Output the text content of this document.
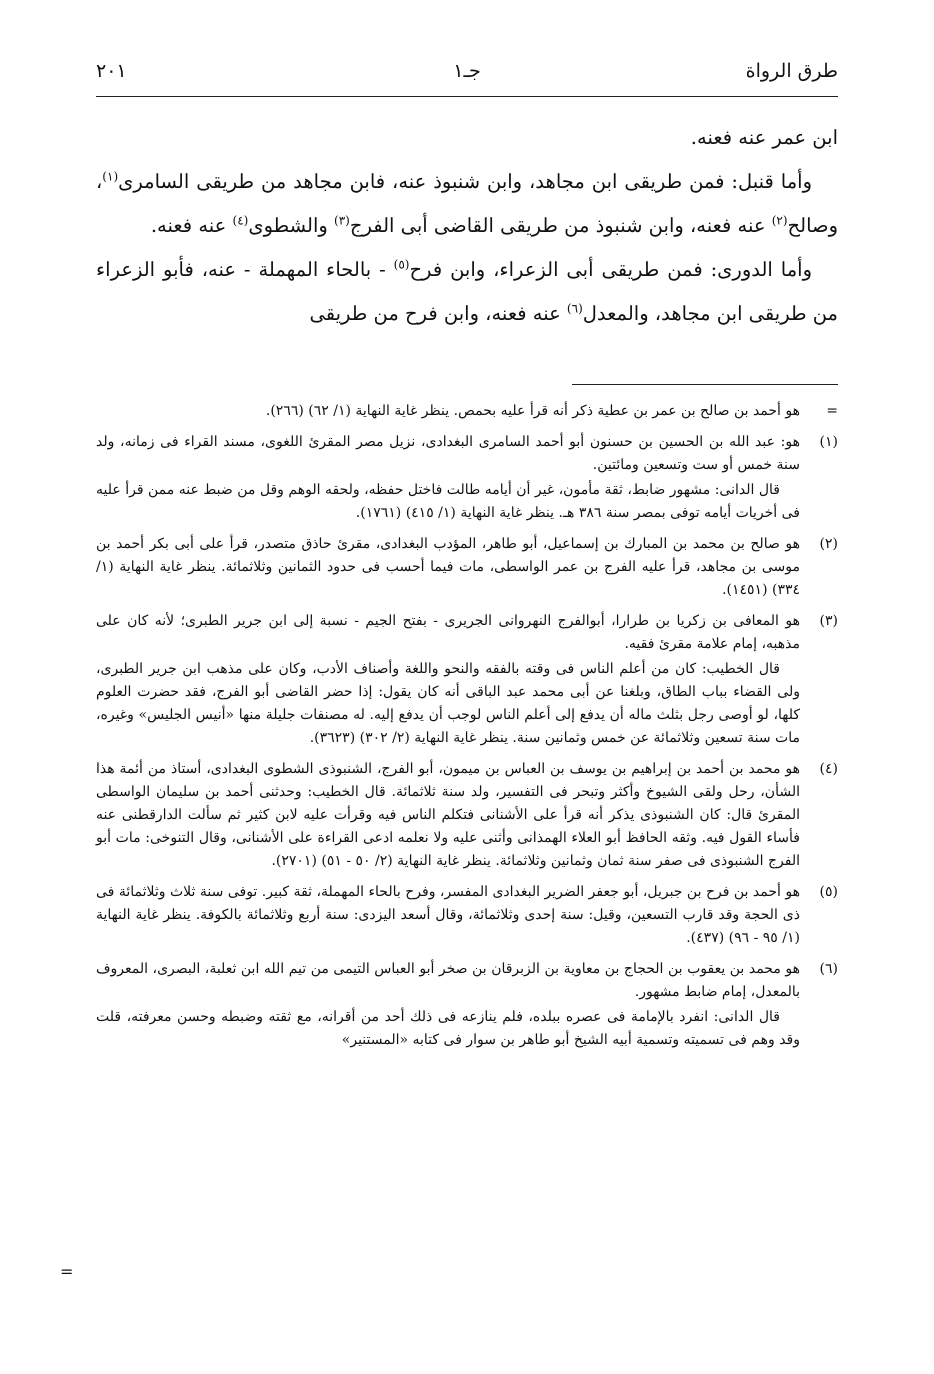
طرق الرواة
جـ١
٢٠١

ابن عمر عنه فعنه.

وأما قنبل: فمن طريقى ابن مجاهد، وابن شنبوذ عنه، فابن مجاهد من طريقى السامرى$^{(١)}$، وصالح$^{(٢)}$ عنه فعنه، وابن شنبوذ من طريقى القاضى أبى الفرج$^{(٣)}$ والشطوى$^{(٤)}$ عنه فعنه.

وأما الدورى: فمن طريقى أبى الزعراء، وابن فرح$^{(٥)}$ - بالحاء المهملة - عنه، فأبو الزعراء من طريقى ابن مجاهد، والمعدل$^{(٦)}$ عنه فعنه، وابن فرح من طريقى

=

هو أحمد بن صالح بن عمر بن عطية ذكر أنه قرأ عليه بحمص. ينظر غاية النهاية (١/ ٦٢) (٢٦٦).

(١)

هو: عبد الله بن الحسين بن حسنون أبو أحمد السامرى البغدادى، نزيل مصر المقرئ اللغوى، مسند القراء فى زمانه، ولد سنة خمس أو ست وتسعين ومائتين.

قال الدانى: مشهور ضابط، ثقة مأمون، غير أن أيامه طالت فاختل حفظه، ولحقه الوهم وقل من ضبط عنه ممن قرأ عليه فى أخريات أيامه توفى بمصر سنة ٣٨٦ هـ. ينظر غاية النهاية (١/ ٤١٥) (١٧٦١).

(٢)

هو صالح بن محمد بن المبارك بن إسماعيل، أبو طاهر، المؤدب البغدادى، مقرئ حاذق متصدر، قرأ على أبى بكر أحمد بن موسى بن مجاهد، قرأ عليه الفرج بن عمر الواسطى، مات فيما أحسب فى حدود الثمانين وثلاثمائة. ينظر غاية النهاية (١/ ٣٣٤) (١٤٥١).

(٣)

هو المعافى بن زكريا بن طرارا، أبوالفرج النهروانى الجريرى - بفتح الجيم - نسبة إلى ابن جرير الطبرى؛ لأنه كان على مذهبه، إمام علامة مقرئ فقيه.

قال الخطيب: كان من أعلم الناس فى وقته بالفقه والنحو واللغة وأصناف الأدب، وكان على مذهب ابن جرير الطبرى، ولى القضاء بباب الطاق، وبلغنا عن أبى محمد عبد الباقى أنه كان يقول: إذا حضر القاضى أبو الفرج، فقد حضرت العلوم كلها، لو أوصى رجل بثلث ماله أن يدفع إلى أعلم الناس لوجب أن يدفع إليه. له مصنفات جليلة منها «أنيس الجليس» وغيره، مات سنة تسعين وثلاثمائة عن خمس وثمانين سنة. ينظر غاية النهاية (٢/ ٣٠٢) (٣٦٢٣).

(٤)

هو محمد بن أحمد بن إبراهيم بن يوسف بن العباس بن ميمون، أبو الفرج، الشنبوذى الشطوى البغدادى، أستاذ من أئمة هذا الشأن، رحل ولقى الشيوخ وأكثر وتبحر فى التفسير، ولد سنة ثلاثمائة. قال الخطيب: وحدثنى أحمد بن سليمان الواسطى المقرئ قال: كان الشنبوذى يذكر أنه قرأ على الأشنانى فتكلم الناس فيه وقرأت عليه لابن كثير ثم سألت الدارقطنى عنه فأساء القول فيه. وثقه الحافظ أبو العلاء الهمذانى وأثنى عليه ولا نعلمه ادعى القراءة على الأشنانى، وقال التنوخى: مات أبو الفرج الشنبوذى فى صفر سنة ثمان وثمانين وثلاثمائة. ينظر غاية النهاية (٢/ ٥٠ - ٥١) (٢٧٠١).

(٥)

هو أحمد بن فرح بن جبريل، أبو جعفر الضرير البغدادى المفسر، وفرح بالحاء المهملة، ثقة كبير. توفى سنة ثلاث وثلاثمائة فى ذى الحجة وقد قارب التسعين، وقيل: سنة إحدى وثلاثمائة، وقال أسعد اليزدى: سنة أربع وثلاثمائة بالكوفة. ينظر غاية النهاية (١/ ٩٥ - ٩٦) (٤٣٧).

(٦)

هو محمد بن يعقوب بن الحجاج بن معاوية بن الزبرقان بن صخر أبو العباس التيمى من تيم الله ابن ثعلبة، البصرى، المعروف بالمعدل، إمام ضابط مشهور.

قال الدانى: انفرد بالإمامة فى عصره ببلده، فلم ينازعه فى ذلك أحد من أقرانه، مع ثقته وضبطه وحسن معرفته، قلت وقد وهم فى تسميته وتسمية أبيه الشيخ أبو طاهر بن سوار فى كتابه «المستنير»

=
